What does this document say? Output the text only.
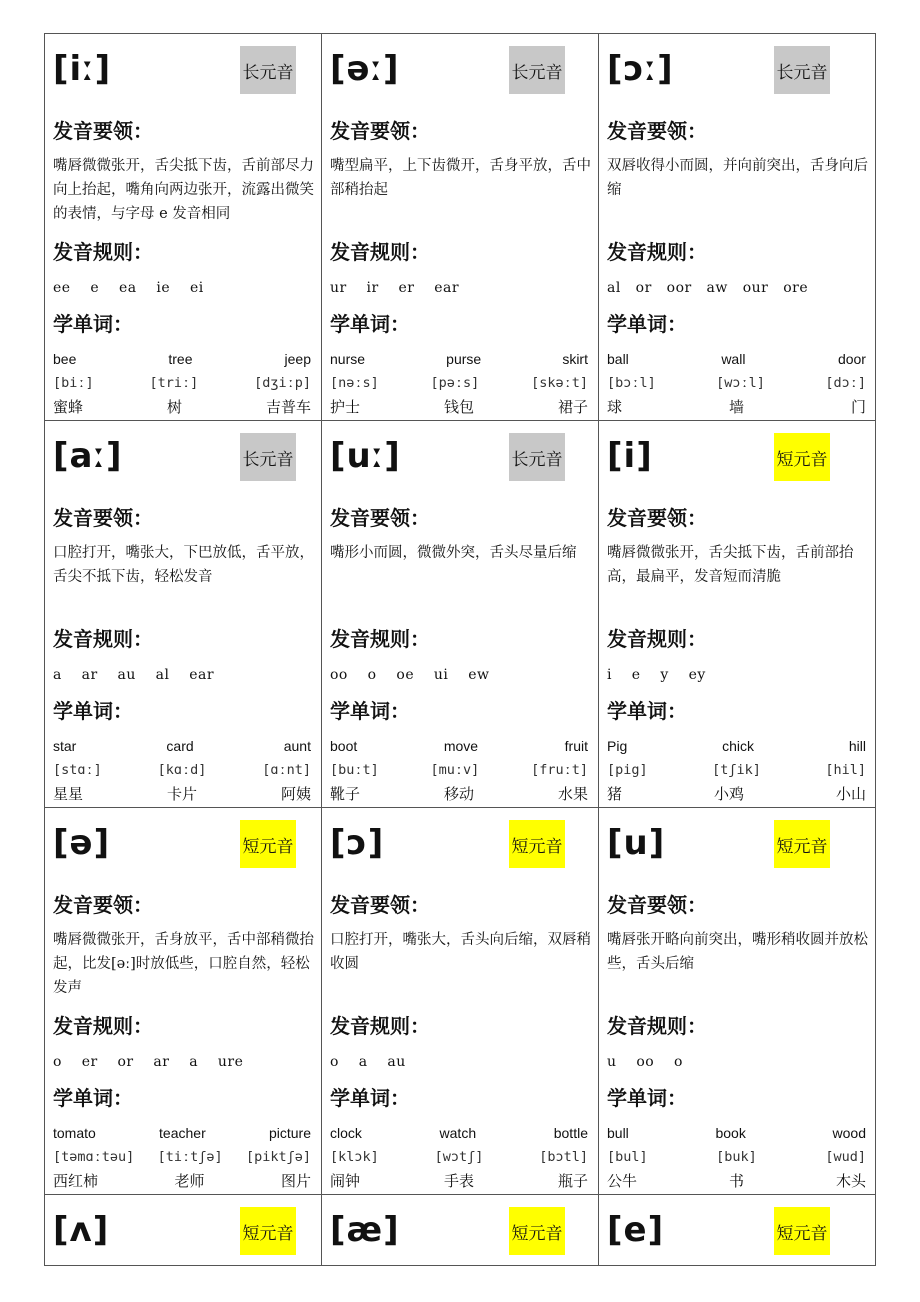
[iː]	长元音
发音要领：
嘴唇微微张开，舌尖抵下齿，舌前部尽力向上抬起，嘴角向两边张开，流露出微笑的表情，与字母 e 发音相同
发音规则：
ee    e    ea    ie    ei
学单词：
bee	tree	jeep
[biː]	[triː]	[dʒiːp]
蜜蜂	树	吉普车
[əː]	长元音
发音要领：
嘴型扁平，上下齿微开，舌身平放，舌中部稍抬起
发音规则：
ur    ir    er    ear
学单词：
nurse	purse	skirt
[nəːs]	[pəːs]	[skəːt]
护士	钱包	裙子
[ɔː]	长元音
发音要领：
双唇收得小而圆，并向前突出，舌身向后缩
发音规则：
al   or   oor   aw   our   ore
学单词：
ball	wall	door
[bɔːl]	[wɔːl]	[dɔː]
球	墙	门
[aː]	长元音
发音要领：
口腔打开，嘴张大，下巴放低，舌平放，舌尖不抵下齿，轻松发音
发音规则：
a    ar    au    al    ear
学单词：
star	card	aunt
[stɑː]	[kɑːd]	[ɑːnt]
星星	卡片	阿姨
[uː]	长元音
发音要领：
嘴形小而圆，微微外突，舌头尽量后缩
发音规则：
oo    o    oe    ui    ew
学单词：
boot	move	fruit
[buːt]	[muːv]	[fruːt]
靴子	移动	水果
[i]	短元音
发音要领：
嘴唇微微张开，舌尖抵下齿，舌前部抬高，最扁平，发音短而清脆
发音规则：
i    e    y    ey
学单词：
Pig	chick	hill
[pig]	[tʃik]	[hil]
猪	小鸡	小山
[ə]	短元音
发音要领：
嘴唇微微张开，舌身放平，舌中部稍微抬起，比发[əː]时放低些，口腔自然，轻松发声
发音规则：
o    er    or    ar    a    ure
学单词：
tomato	teacher	picture
[təmɑːtəu] [tiːtʃə] [piktʃə]
西红柿	老师	图片
[ɔ]	短元音
发音要领：
口腔打开，嘴张大，舌头向后缩，双唇稍收圆
发音规则：
o    a    au
学单词：
clock	watch	bottle
[klɔk]	[wɔtʃ]	[bɔtl]
闹钟	手表	瓶子
[u]	短元音
发音要领：
嘴唇张开略向前突出，嘴形稍收圆并放松些，舌头后缩
发音规则：
u    oo    o
学单词：
bull	book	wood
[bul]	[buk]	[wud]
公牛	书	木头
[ʌ]	短元音 [æ]	短元音 [e]	短元音
